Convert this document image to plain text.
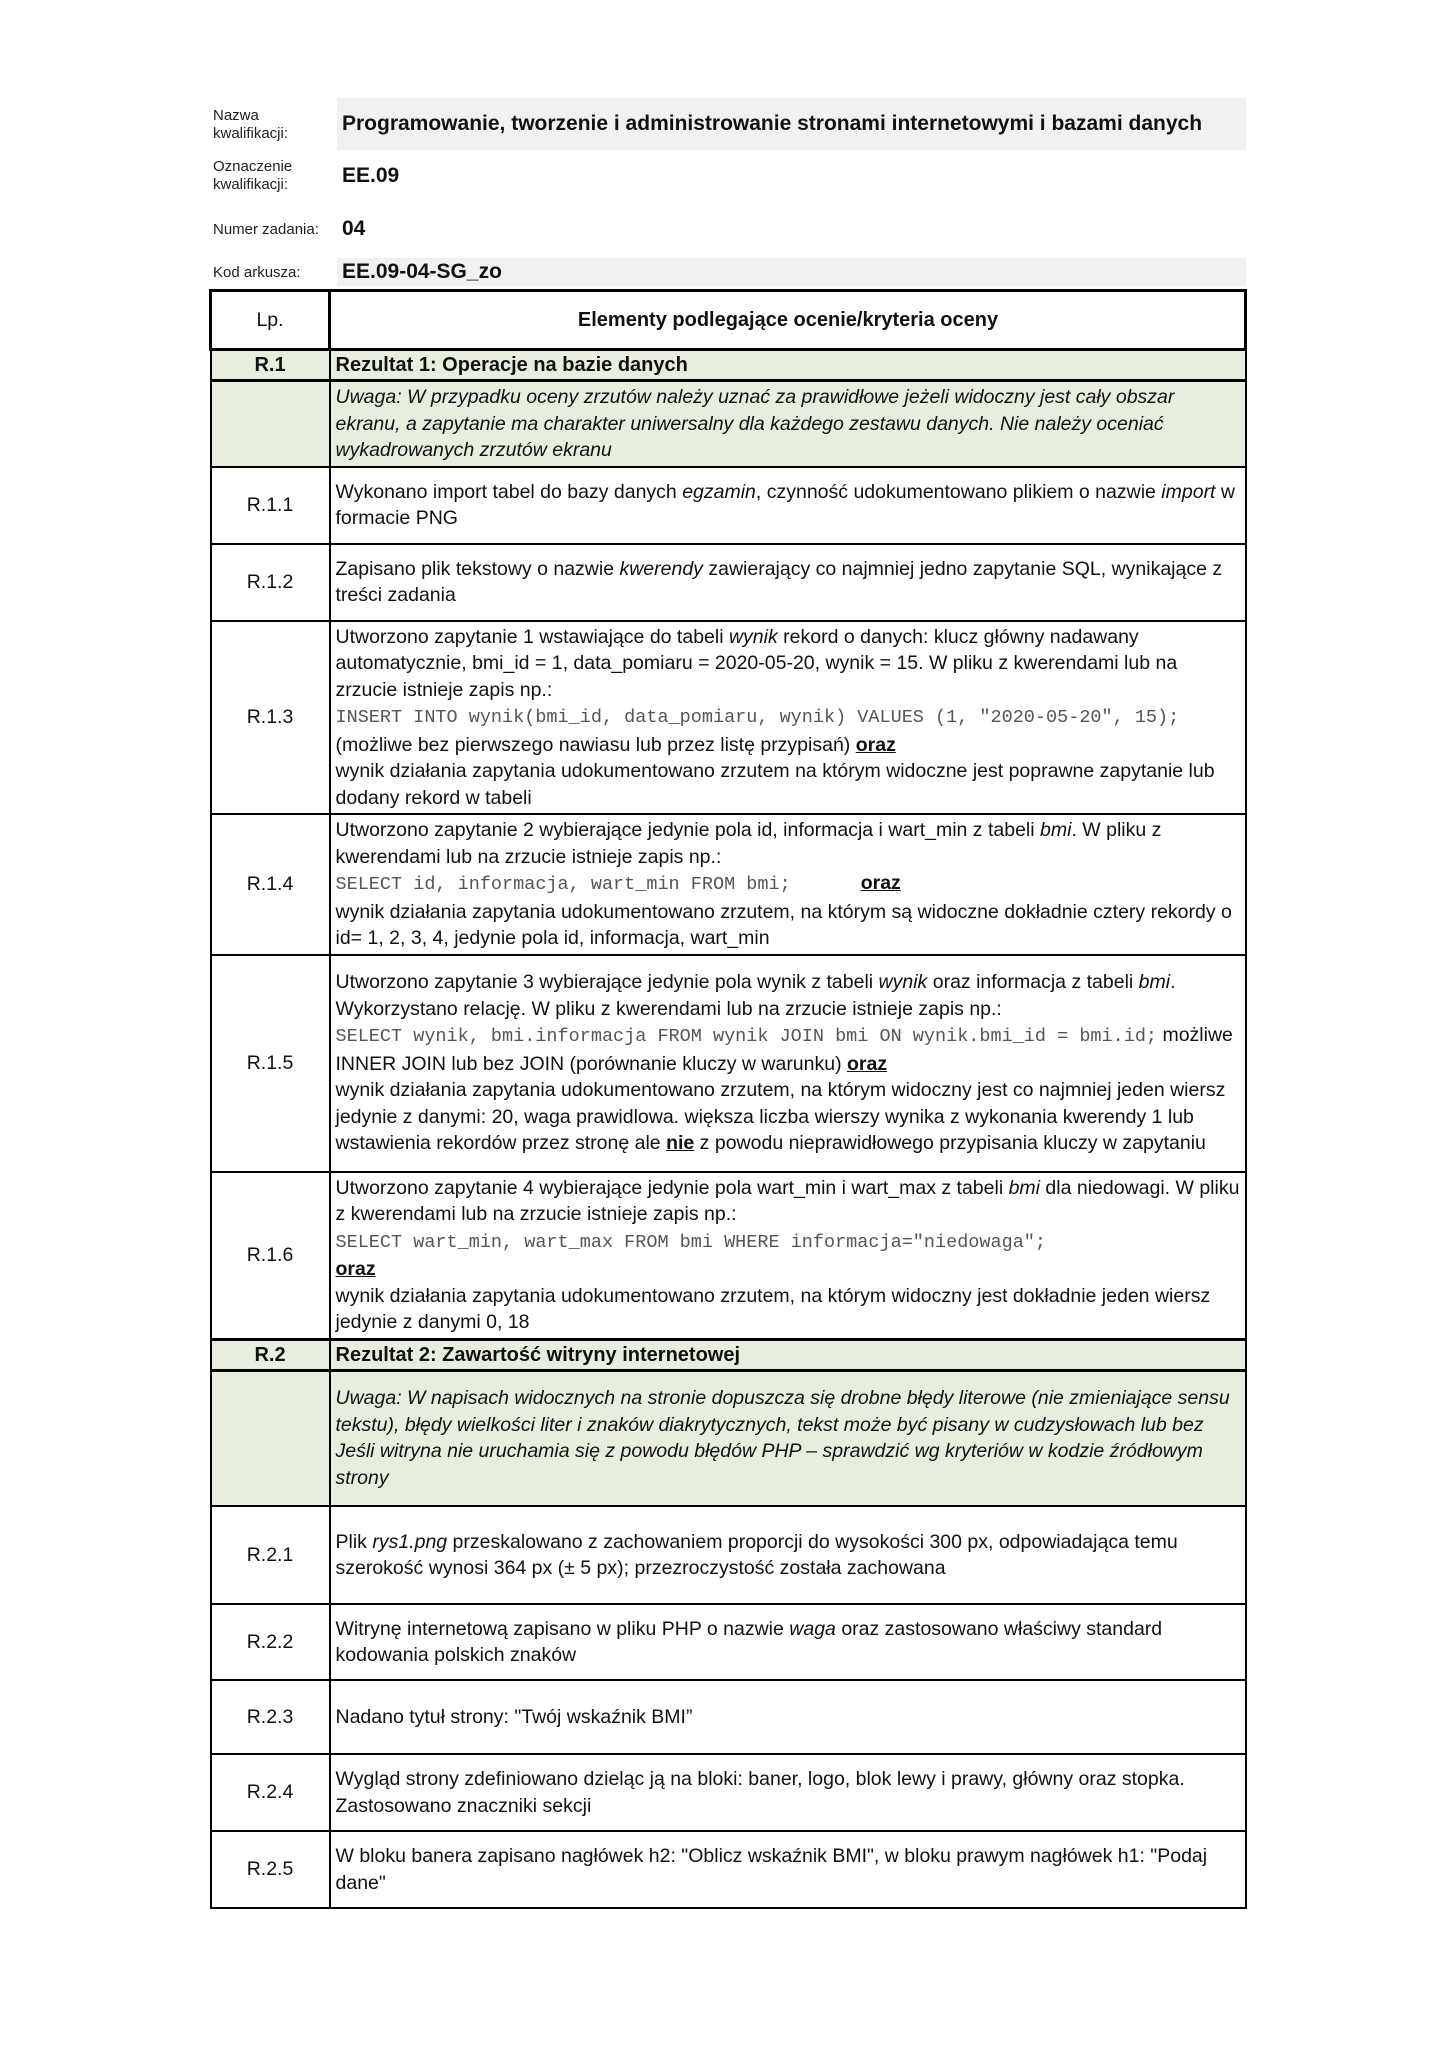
Nazwa kwalifikacji:	Programowanie, tworzenie i administrowanie stronami internetowymi i bazami danych
Oznaczenie kwalifikacji:	EE.09
Numer zadania: 04
Kod arkusza: EE.09-04-SG_zo
Lp.	Elementy podlegające ocenie/kryteria oceny
R.1	Rezultat 1: Operacje na bazie danych
	Uwaga: W przypadku oceny zrzutów należy uznać za prawidłowe jeżeli widoczny jest cały obszar ekranu, a zapytanie ma charakter uniwersalny dla każdego zestawu danych. Nie należy oceniać wykadrowanych zrzutów ekranu
R.1.1	Wykonano import tabel do bazy danych egzamin, czynność udokumentowano plikiem o nazwie import w formacie PNG
R.1.2	Zapisano plik tekstowy o nazwie kwerendy zawierający co najmniej jedno zapytanie SQL, wynikające z treści zadania
R.1.3	Utworzono zapytanie 1 wstawiające do tabeli wynik rekord o danych: klucz główny nadawany automatycznie, bmi_id = 1, data_pomiaru = 2020-05-20, wynik = 15. W pliku z kwerendami lub na zrzucie istnieje zapis np.:
INSERT INTO wynik(bmi_id, data_pomiaru, wynik) VALUES (1, "2020-05-20", 15); (możliwe bez pierwszego nawiasu lub przez listę przypisań) oraz
wynik działania zapytania udokumentowano zrzutem na którym widoczne jest poprawne zapytanie lub dodany rekord w tabeli
R.1.4	Utworzono zapytanie 2 wybierające jedynie pola id, informacja i wart_min z tabeli bmi. W pliku z kwerendami lub na zrzucie istnieje zapis np.:
SELECT id, informacja, wart_min FROM bmi; oraz
wynik działania zapytania udokumentowano zrzutem, na którym są widoczne dokładnie cztery rekordy o id= 1, 2, 3, 4, jedynie pola id, informacja, wart_min
R.1.5	Utworzono zapytanie 3 wybierające jedynie pola wynik z tabeli wynik oraz informacja z tabeli bmi. Wykorzystano relację. W pliku z kwerendami lub na zrzucie istnieje zapis np.:
SELECT wynik, bmi.informacja FROM wynik JOIN bmi ON wynik.bmi_id = bmi.id; możliwe INNER JOIN lub bez JOIN (porównanie kluczy w warunku) oraz
wynik działania zapytania udokumentowano zrzutem, na którym widoczny jest co najmniej jeden wiersz jedynie z danymi: 20, waga prawidlowa. większa liczba wierszy wynika z wykonania kwerendy 1 lub wstawienia rekordów przez stronę ale nie z powodu nieprawidłowego przypisania kluczy w zapytaniu
R.1.6	Utworzono zapytanie 4 wybierające jedynie pola wart_min i wart_max z tabeli bmi dla niedowagi. W pliku z kwerendami lub na zrzucie istnieje zapis np.:
SELECT wart_min, wart_max FROM bmi WHERE informacja="niedowaga";
oraz
wynik działania zapytania udokumentowano zrzutem, na którym widoczny jest dokładnie jeden wiersz jedynie z danymi 0, 18
R.2	Rezultat 2: Zawartość witryny internetowej
	Uwaga: W napisach widocznych na stronie dopuszcza się drobne błędy literowe (nie zmieniające sensu tekstu), błędy wielkości liter i znaków diakrytycznych, tekst może być pisany w cudzysłowach lub bez
Jeśli witryna nie uruchamia się z powodu błędów PHP – sprawdzić wg kryteriów w kodzie źródłowym strony
R.2.1	Plik rys1.png przeskalowano z zachowaniem proporcji do wysokości 300 px, odpowiadająca temu szerokość wynosi 364 px (± 5 px); przezroczystość została zachowana
R.2.2	Witrynę internetową zapisano w pliku PHP o nazwie waga oraz zastosowano właściwy standard kodowania polskich znaków
R.2.3	Nadano tytuł strony: "Twój wskaźnik BMI”
R.2.4	Wygląd strony zdefiniowano dzieląc ją na bloki: baner, logo, blok lewy i prawy, główny oraz stopka. Zastosowano znaczniki sekcji
R.2.5	W bloku banera zapisano nagłówek h2: "Oblicz wskaźnik BMI", w bloku prawym nagłówek h1: "Podaj dane"
